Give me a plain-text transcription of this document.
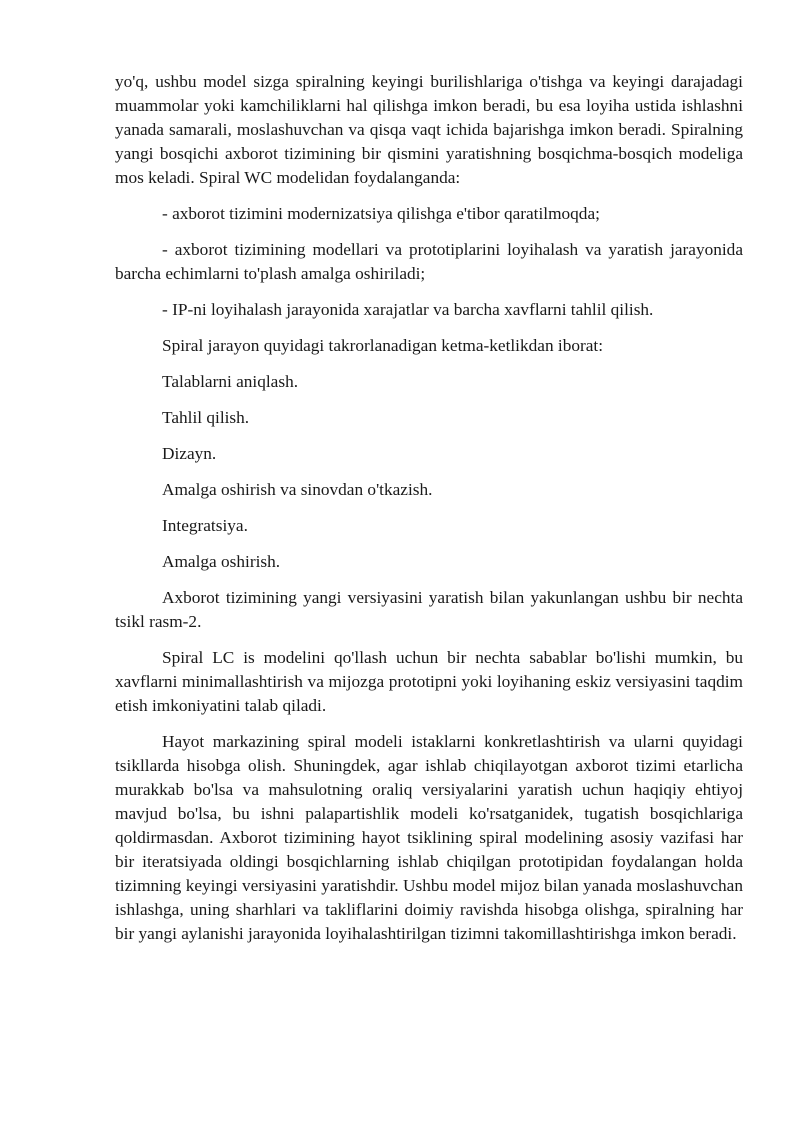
yo'q, ushbu model sizga spiralning keyingi burilishlariga o'tishga va keyingi darajadagi muammolar yoki kamchiliklarni hal qilishga imkon beradi, bu esa loyiha ustida ishlashni yanada samarali, moslashuvchan va qisqa vaqt ichida bajarishga imkon beradi. Spiralning yangi bosqichi axborot tizimining bir qismini yaratishning bosqichma-bosqich modeliga mos keladi. Spiral WC modelidan foydalanganda:

- axborot tizimini modernizatsiya qilishga e'tibor qaratilmoqda;

- axborot tizimining modellari va prototiplarini loyihalash va yaratish jarayonida barcha echimlarni to'plash amalga oshiriladi;

- IP-ni loyihalash jarayonida xarajatlar va barcha xavflarni tahlil qilish.

Spiral jarayon quyidagi takrorlanadigan ketma-ketlikdan iborat:

Talablarni aniqlash.

Tahlil qilish.

Dizayn.

Amalga oshirish va sinovdan o'tkazish.

Integratsiya.

Amalga oshirish.

Axborot tizimining yangi versiyasini yaratish bilan yakunlangan ushbu bir nechta tsikl rasm-2.

Spiral LC is modelini qo'llash uchun bir nechta sabablar bo'lishi mumkin, bu xavflarni minimallashtirish va mijozga prototipni yoki loyihaning eskiz versiyasini taqdim etish imkoniyatini talab qiladi.

Hayot markazining spiral modeli istaklarni konkretlashtirish va ularni quyidagi tsikllarda hisobga olish. Shuningdek, agar ishlab chiqilayotgan axborot tizimi etarlicha murakkab bo'lsa va mahsulotning oraliq versiyalarini yaratish uchun haqiqiy ehtiyoj mavjud bo'lsa, bu ishni palapartishlik modeli ko'rsatganidek, tugatish bosqichlariga qoldirmasdan. Axborot tizimining hayot tsiklining spiral modelining asosiy vazifasi har bir iteratsiyada oldingi bosqichlarning ishlab chiqilgan prototipidan foydalangan holda tizimning keyingi versiyasini yaratishdir. Ushbu model mijoz bilan yanada moslashuvchan ishlashga, uning sharhlari va takliflarini doimiy ravishda hisobga olishga, spiralning har bir yangi aylanishi jarayonida loyihalashtirilgan tizimni takomillashtirishga imkon beradi.
